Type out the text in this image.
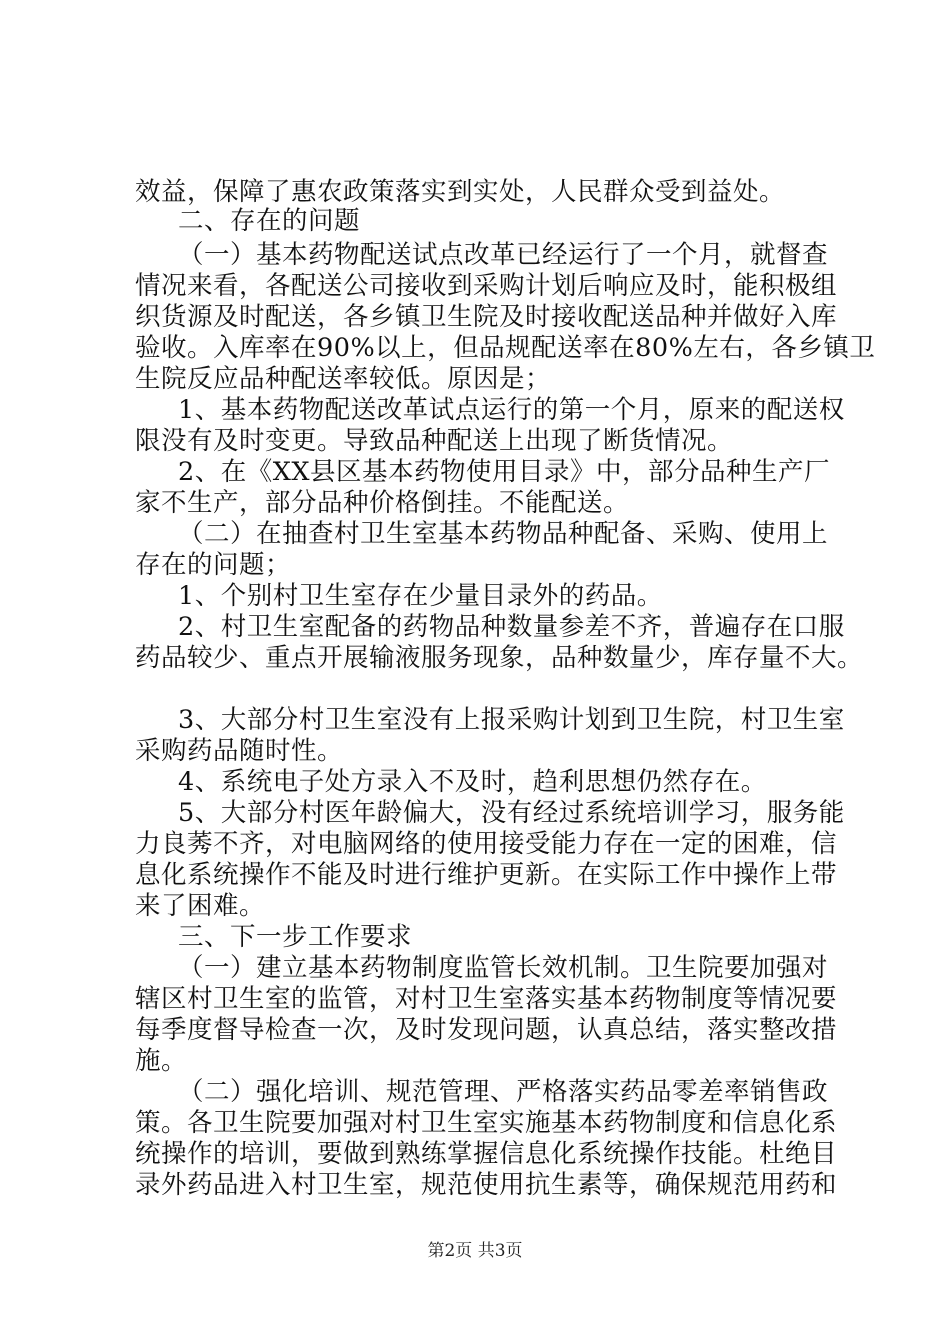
效益，保障了惠农政策落实到实处，人民群众受到益处。
二、存在的问题
（一）基本药物配送试点改革已经运行了一个月，就督查
情况来看，各配送公司接收到采购计划后响应及时，能积极组
织货源及时配送，各乡镇卫生院及时接收配送品种并做好入库
验收。入库率在90%以上，但品规配送率在80%左右，各乡镇卫
生院反应品种配送率较低。原因是；
1、基本药物配送改革试点运行的第一个月，原来的配送权
限没有及时变更。导致品种配送上出现了断货情况。
2、在《XX县区基本药物使用目录》中，部分品种生产厂
家不生产，部分品种价格倒挂。不能配送。
（二）在抽查村卫生室基本药物品种配备、采购、使用上
存在的问题；
1、个别村卫生室存在少量目录外的药品。
2、村卫生室配备的药物品种数量参差不齐，普遍存在口服
药品较少、重点开展输液服务现象，品种数量少，库存量不大。
3、大部分村卫生室没有上报采购计划到卫生院，村卫生室
采购药品随时性。
4、系统电子处方录入不及时，趋利思想仍然存在。
5、大部分村医年龄偏大，没有经过系统培训学习，服务能
力良莠不齐，对电脑网络的使用接受能力存在一定的困难，信
息化系统操作不能及时进行维护更新。在实际工作中操作上带
来了困难。
三、下一步工作要求
（一）建立基本药物制度监管长效机制。卫生院要加强对
辖区村卫生室的监管，对村卫生室落实基本药物制度等情况要
每季度督导检查一次，及时发现问题，认真总结，落实整改措
施。
（二）强化培训、规范管理、严格落实药品零差率销售政
策。各卫生院要加强对村卫生室实施基本药物制度和信息化系
统操作的培训，要做到熟练掌握信息化系统操作技能。杜绝目
录外药品进入村卫生室，规范使用抗生素等，确保规范用药和
第2页 共3页
